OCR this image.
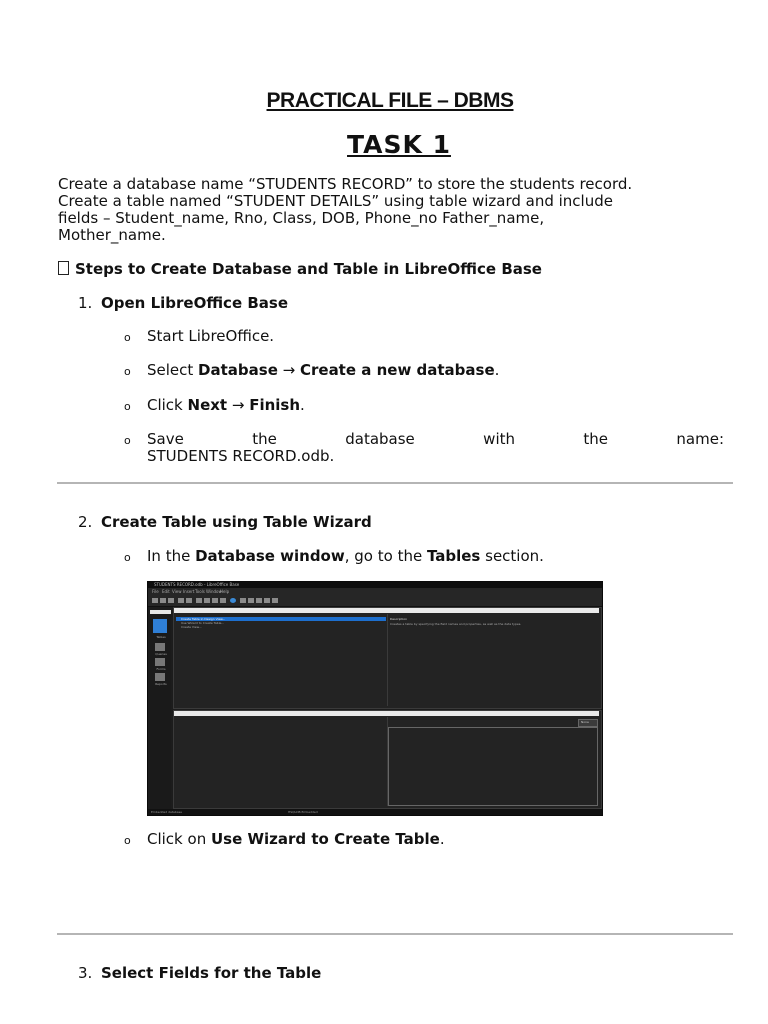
PRACTICAL FILE – DBMS
TASK 1

Create a database name “STUDENTS RECORD” to store the students record.
Create a table named “STUDENT DETAILS” using table wizard and include
fields – Student_name, Rno, Class, DOB, Phone_no Father_name,
Mother_name.

Steps to Create Database and Table in LibreOffice Base
1. Open LibreOffice Base
o Start LibreOffice.
o Select Database → Create a new database.
o Click Next → Finish.
o Save	the	database	with	the	name:
STUDENTS RECORD.odb.
2. Create Table using Table Wizard
o In the Database window, go to the Tables section.
STUDENTS RECORD.odb - LibreOffice Base
File Edit View Insert Tools Window
Help
Tables
Queries
Forms
Reports
Create Table in Design View...
Use Wizard to Create Table...
Create View...
Description
Creates a table by specifying the field names and properties, as well as the data types.
None
Embedded database	HSQLDB Embedded
o Click on Use Wizard to Create Table.
3. Select Fields for the Table
